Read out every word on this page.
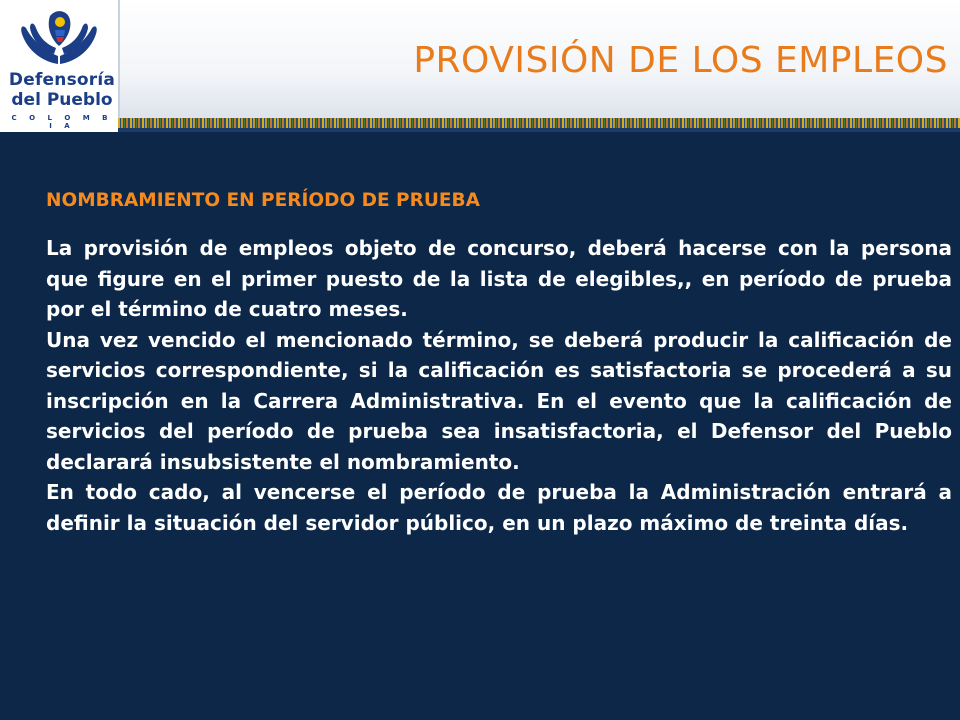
Defensoría
del Pueblo
C O L O M B I A
PROVISIÓN DE LOS EMPLEOS

NOMBRAMIENTO EN PERÍODO DE PRUEBA

La provisión de empleos objeto de concurso, deberá hacerse con la persona que figure en el primer puesto de la lista de elegibles,, en período de prueba por el término de cuatro meses.

Una vez vencido el mencionado término, se deberá producir la calificación de servicios correspondiente, si la calificación es satisfactoria se procederá a su inscripción en la Carrera Administrativa. En el evento que la calificación de servicios del período de prueba sea insatisfactoria, el Defensor del Pueblo declarará insubsistente el nombramiento.

En todo cado, al vencerse el período de prueba la Administración entrará a definir la situación del servidor público, en un plazo máximo de treinta días.
